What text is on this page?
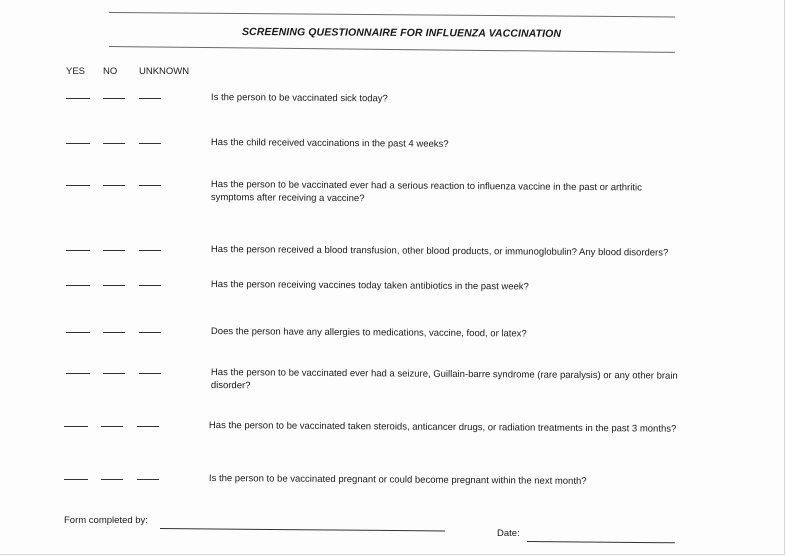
SCREENING QUESTIONNAIRE FOR INFLUENZA VACCINATION
YES NO UNKNOWN
Is the person to be vaccinated sick today?
Has the child received vaccinations in the past 4 weeks?
Has the person to be vaccinated ever had a serious reaction to influenza vaccine in the past or arthritic
symptoms after receiving a vaccine?
Has the person received a blood transfusion, other blood products, or immunoglobulin? Any blood disorders?
Has the person receiving vaccines today taken antibiotics in the past week?
Does the person have any allergies to medications, vaccine, food, or latex?
Has the person to be vaccinated ever had a seizure, Guillain-barre syndrome (rare paralysis) or any other brain
disorder?
Has the person to be vaccinated taken steroids, anticancer drugs, or radiation treatments in the past 3 months?
Is the person to be vaccinated pregnant or could become pregnant within the next month?
Form completed by:
Date:
